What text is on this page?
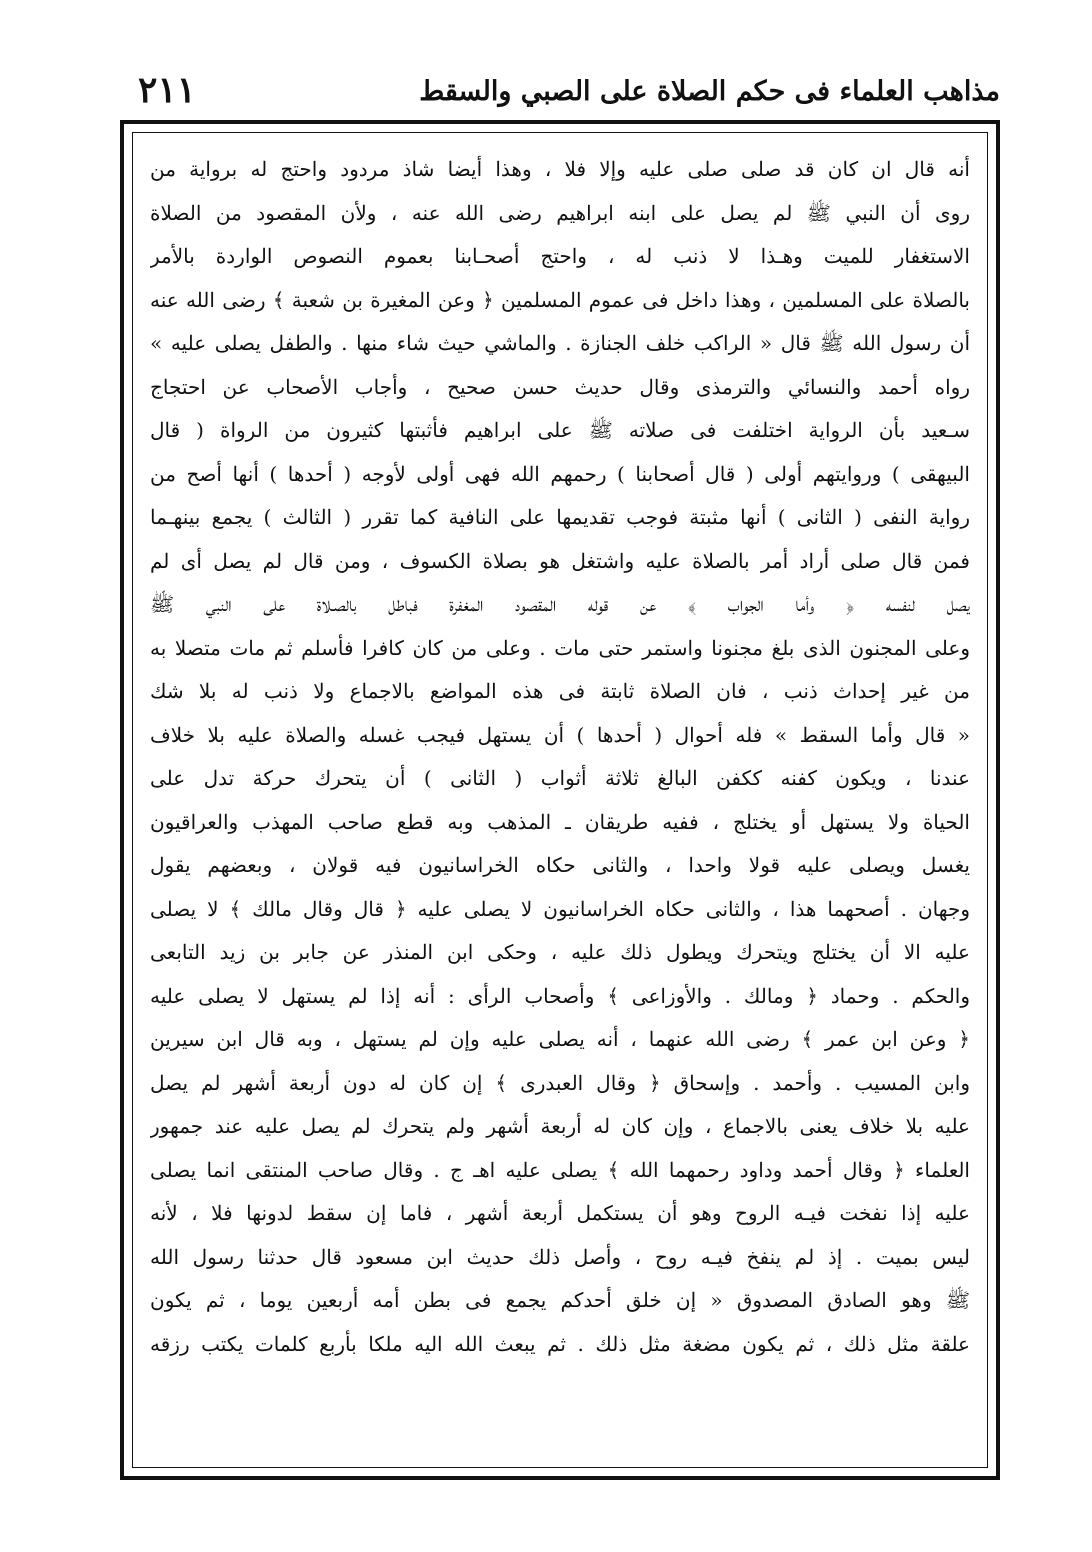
مذاهب العلماء فى حكم الصلاة على الصبي والسقط
٢١١
أنه قال ان كان قد صلى صلى عليه وإلا فلا ، وهذا أيضا شاذ مردود واحتج له برواية من
روى أن النبي ﷺ لم يصل على ابنه ابراهيم رضى الله عنه ، ولأن المقصود من الصلاة
الاستغفار للميت وهـذا لا ذنب له ، واحتج أصحـابنا بعموم النصوص الواردة بالأمر
بالصلاة على المسلمين ، وهذا داخل فى عموم المسلمين ﴿ وعن المغيرة بن شعبة ﴾ رضى الله عنه
أن رسول الله ﷺ قال « الراكب خلف الجنازة . والماشي حيث شاء منها . والطفل يصلى عليه »
رواه أحمد والنسائي والترمذى وقال حديث حسن صحيح ، وأجاب الأصحاب عن احتجاج
سـعيد بأن الرواية اختلفت فى صلاته ﷺ على ابراهيم فأثبتها كثيرون من الرواة ( قال
البيهقى ) وروايتهم أولى ( قال أصحابنا ) رحمهم الله فهى أولى لأوجه ( أحدها ) أنها أصح من
رواية النفى ( الثانى ) أنها مثبتة فوجب تقديمها على النافية كما تقرر ( الثالث ) يجمع بينهـما
فمن قال صلى أراد أمر بالصلاة عليه واشتغل هو بصلاة الكسوف ، ومن قال لم يصل أى لم
يصل لنفسه ﴿ وأما الجواب ﴾ عن قوله المقصود المغفرة فباطل بالصـلاة على النبي ﷺ
وعلى المجنون الذى بلغ مجنونا واستمر حتى مات . وعلى من كان كافرا فأسلم ثم مات متصلا به
من غير إحداث ذنب ، فان الصلاة ثابتة فى هذه المواضع بالاجماع ولا ذنب له بلا شك
« قال وأما السقط » فله أحوال ( أحدها ) أن يستهل فيجب غسله والصلاة عليه بلا خلاف
عندنا ، ويكون كفنه ككفن البالغ ثلاثة أثواب ( الثانى ) أن يتحرك حركة تدل على
الحياة ولا يستهل أو يختلج ، ففيه طريقان ـ المذهب وبه قطع صاحب المهذب والعراقيون
يغسل ويصلى عليه قولا واحدا ، والثانى حكاه الخراسانيون فيه قولان ، وبعضهم يقول
وجهان . أصحهما هذا ، والثانى حكاه الخراسانيون لا يصلى عليه ﴿ قال وقال مالك ﴾ لا يصلى
عليه الا أن يختلج ويتحرك ويطول ذلك عليه ، وحكى ابن المنذر عن جابر بن زيد التابعى
والحكم . وحماد ﴿ ومالك . والأوزاعى ﴾ وأصحاب الرأى : أنه إذا لم يستهل لا يصلى عليه
﴿ وعن ابن عمر ﴾ رضى الله عنهما ، أنه يصلى عليه وإن لم يستهل ، وبه قال ابن سيرين
وابن المسيب . وأحمد . وإسحاق ﴿ وقال العبدرى ﴾ إن كان له دون أربعة أشهر لم يصل
عليه بلا خلاف يعنى بالاجماع ، وإن كان له أربعة أشهر ولم يتحرك لم يصل عليه عند جمهور
العلماء ﴿ وقال أحمد وداود رحمهما الله ﴾ يصلى عليه اهـ ج . وقال صاحب المنتقى انما يصلى
عليه إذا نفخت فيـه الروح وهو أن يستكمل أربعة أشهر ، فاما إن سقط لدونها فلا ، لأنه
ليس بميت . إذ لم ينفخ فيـه روح ، وأصل ذلك حديث ابن مسعود قال حدثنا رسول الله
ﷺ وهو الصادق المصدوق « إن خلق أحدكم يجمع فى بطن أمه أربعين يوما ، ثم يكون
علقة مثل ذلك ، ثم يكون مضغة مثل ذلك . ثم يبعث الله اليه ملكا بأربع كلمات يكتب رزقه
